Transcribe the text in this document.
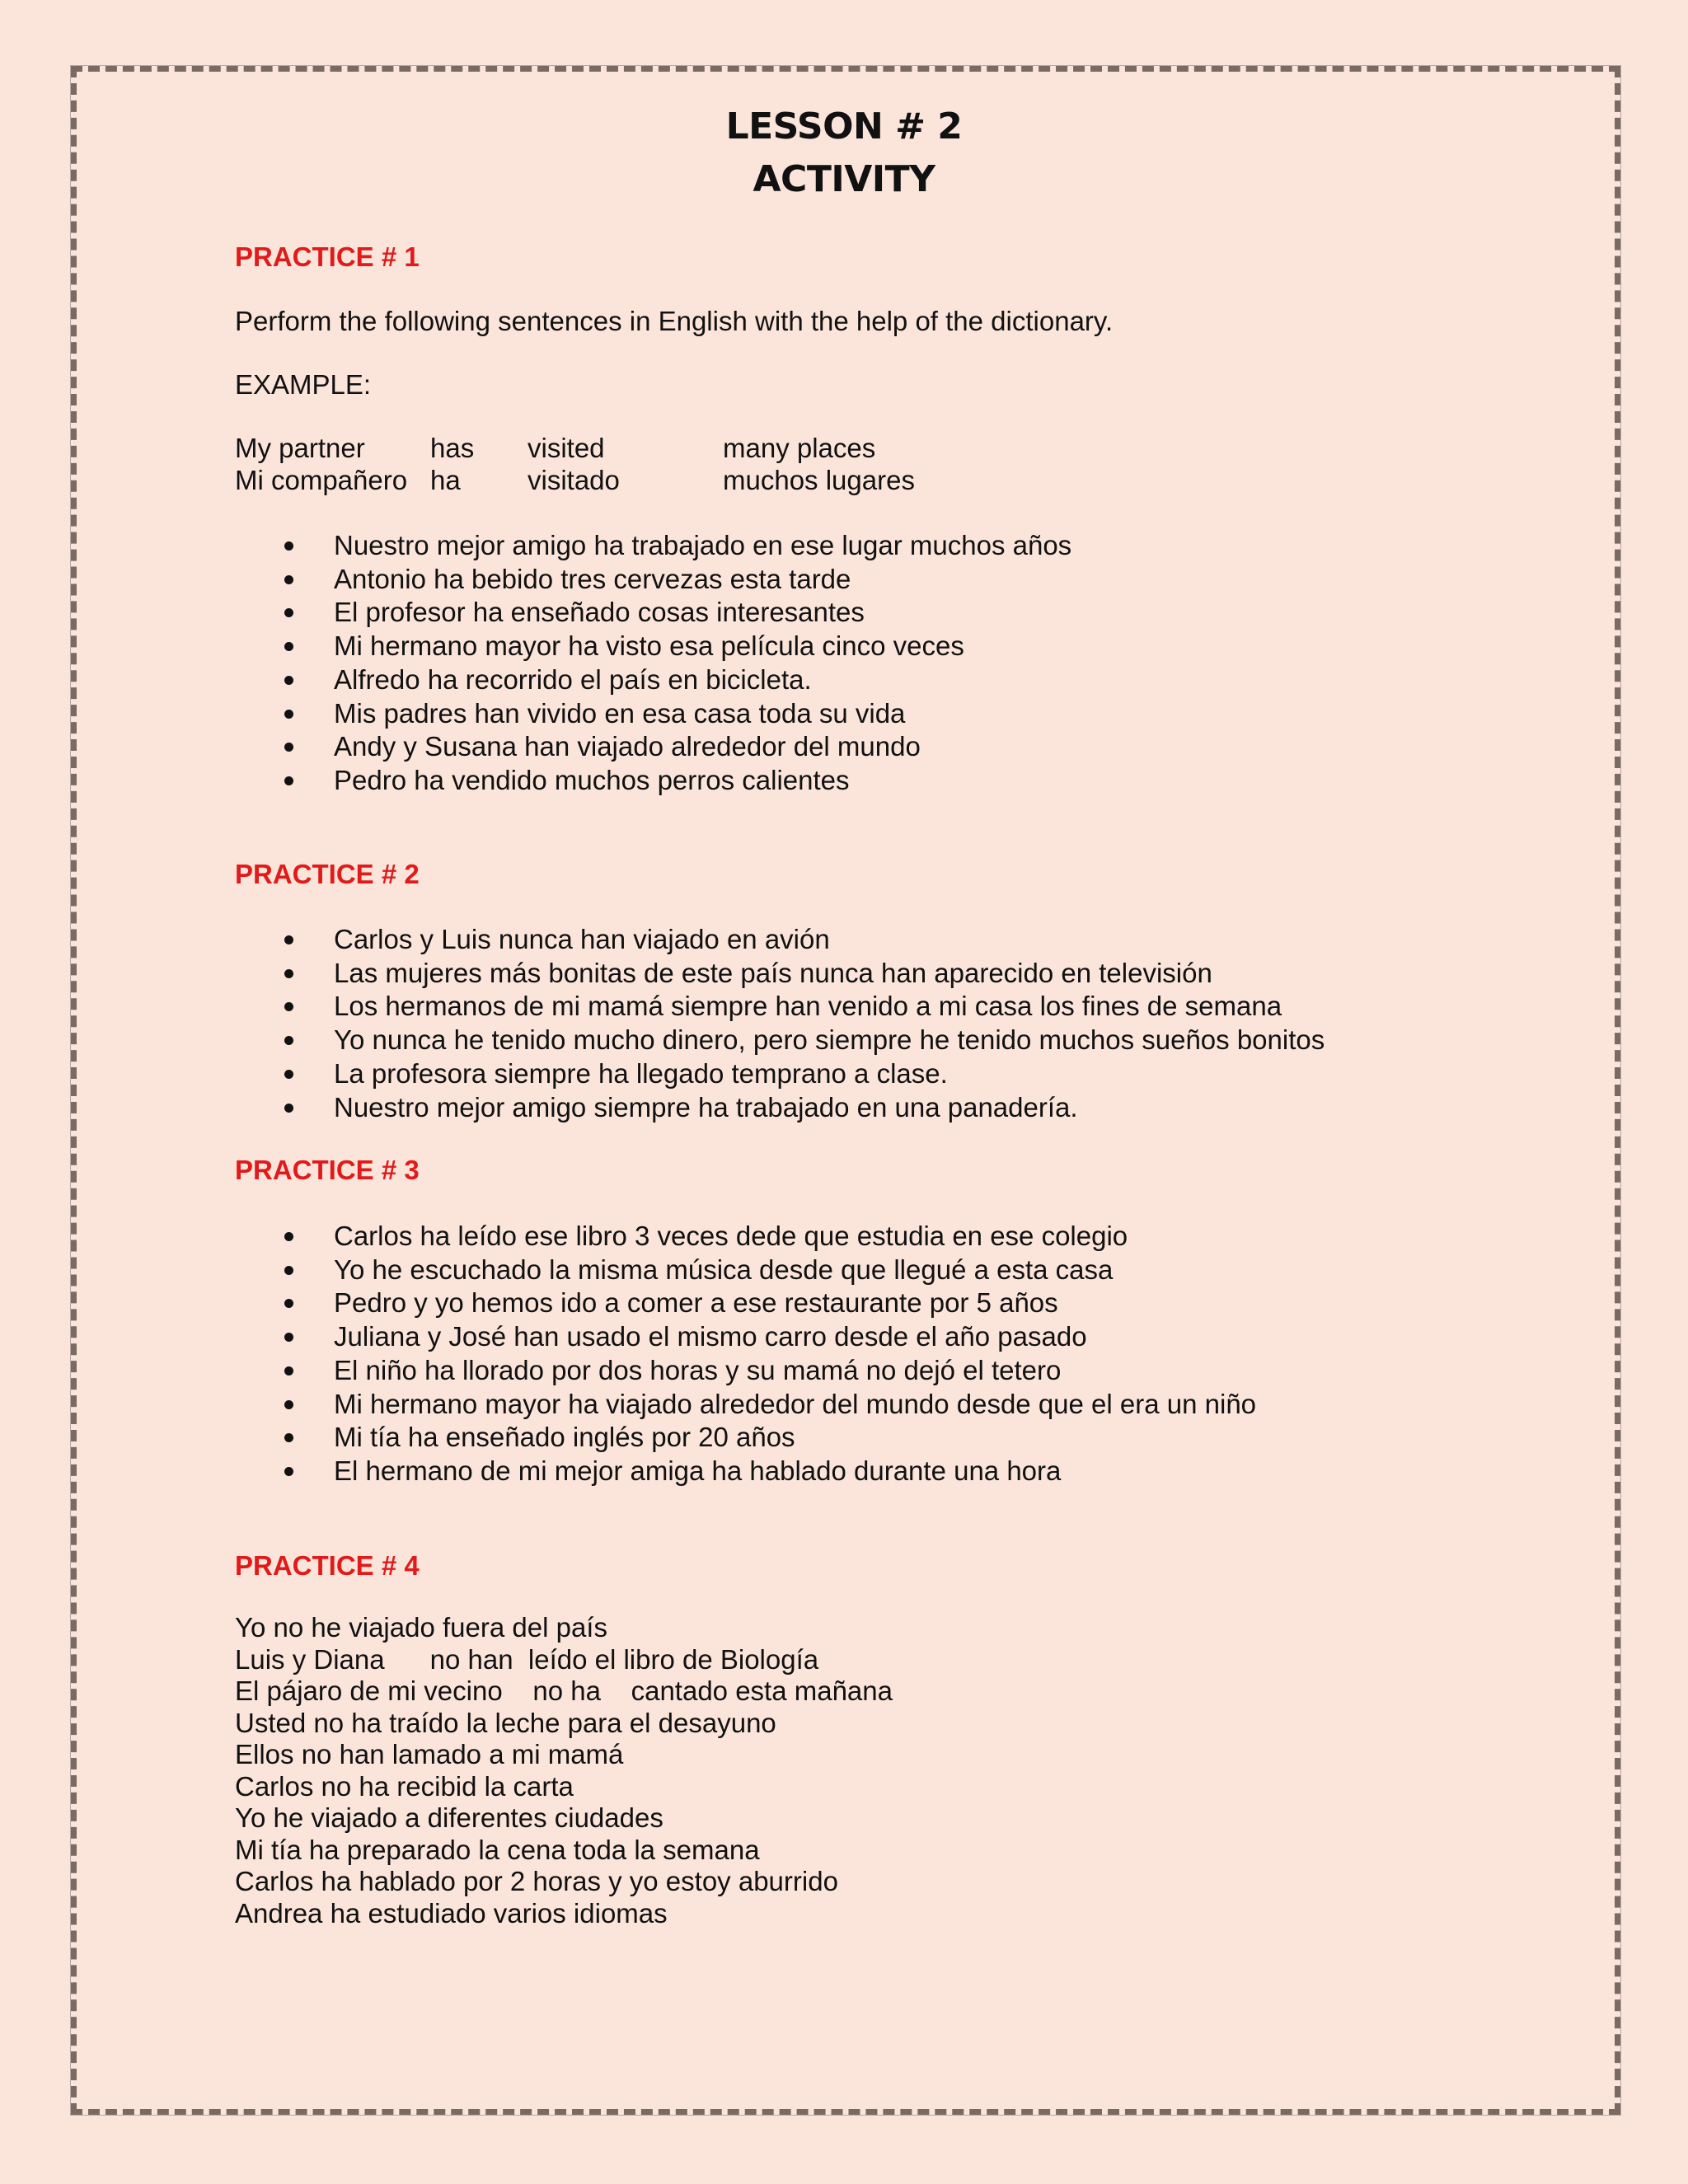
LESSON # 2
ACTIVITY
PRACTICE # 1
Perform the following sentences in English with the help of the dictionary.
EXAMPLE:
My partner has visited	many places
Mi compañero ha visitado	muchos lugares
Nuestro mejor amigo ha trabajado en ese lugar muchos años
Antonio ha bebido tres cervezas esta tarde
El profesor ha enseñado cosas interesantes
Mi hermano mayor ha visto esa película cinco veces
Alfredo ha recorrido el país en bicicleta.
Mis padres han vivido en esa casa toda su vida
Andy y Susana han viajado alrededor del mundo
Pedro ha vendido muchos perros calientes
PRACTICE # 2
Carlos y Luis nunca han viajado en avión
Las mujeres más bonitas de este país nunca han aparecido en televisión
Los hermanos de mi mamá siempre han venido a mi casa los fines de semana
Yo nunca he tenido mucho dinero, pero siempre he tenido muchos sueños bonitos
La profesora siempre ha llegado temprano a clase.
Nuestro mejor amigo siempre ha trabajado en una panadería.
PRACTICE # 3
Carlos ha leído ese libro 3 veces dede que estudia en ese colegio
Yo he escuchado la misma música desde que llegué a esta casa
Pedro y yo hemos ido a comer a ese restaurante por 5 años
Juliana y José han usado el mismo carro desde el año pasado
El niño ha llorado por dos horas y su mamá no dejó el tetero
Mi hermano mayor ha viajado alrededor del mundo desde que el era un niño
Mi tía ha enseñado inglés por 20 años
El hermano de mi mejor amiga ha hablado durante una hora
PRACTICE # 4
Yo no he viajado fuera del país
Luis y Diana      no han  leído el libro de Biología
El pájaro de mi vecino    no ha    cantado esta mañana
Usted no ha traído la leche para el desayuno
Ellos no han lamado a mi mamá
Carlos no ha recibid la carta
Yo he viajado a diferentes ciudades
Mi tía ha preparado la cena toda la semana
Carlos ha hablado por 2 horas y yo estoy aburrido
Andrea ha estudiado varios idiomas
